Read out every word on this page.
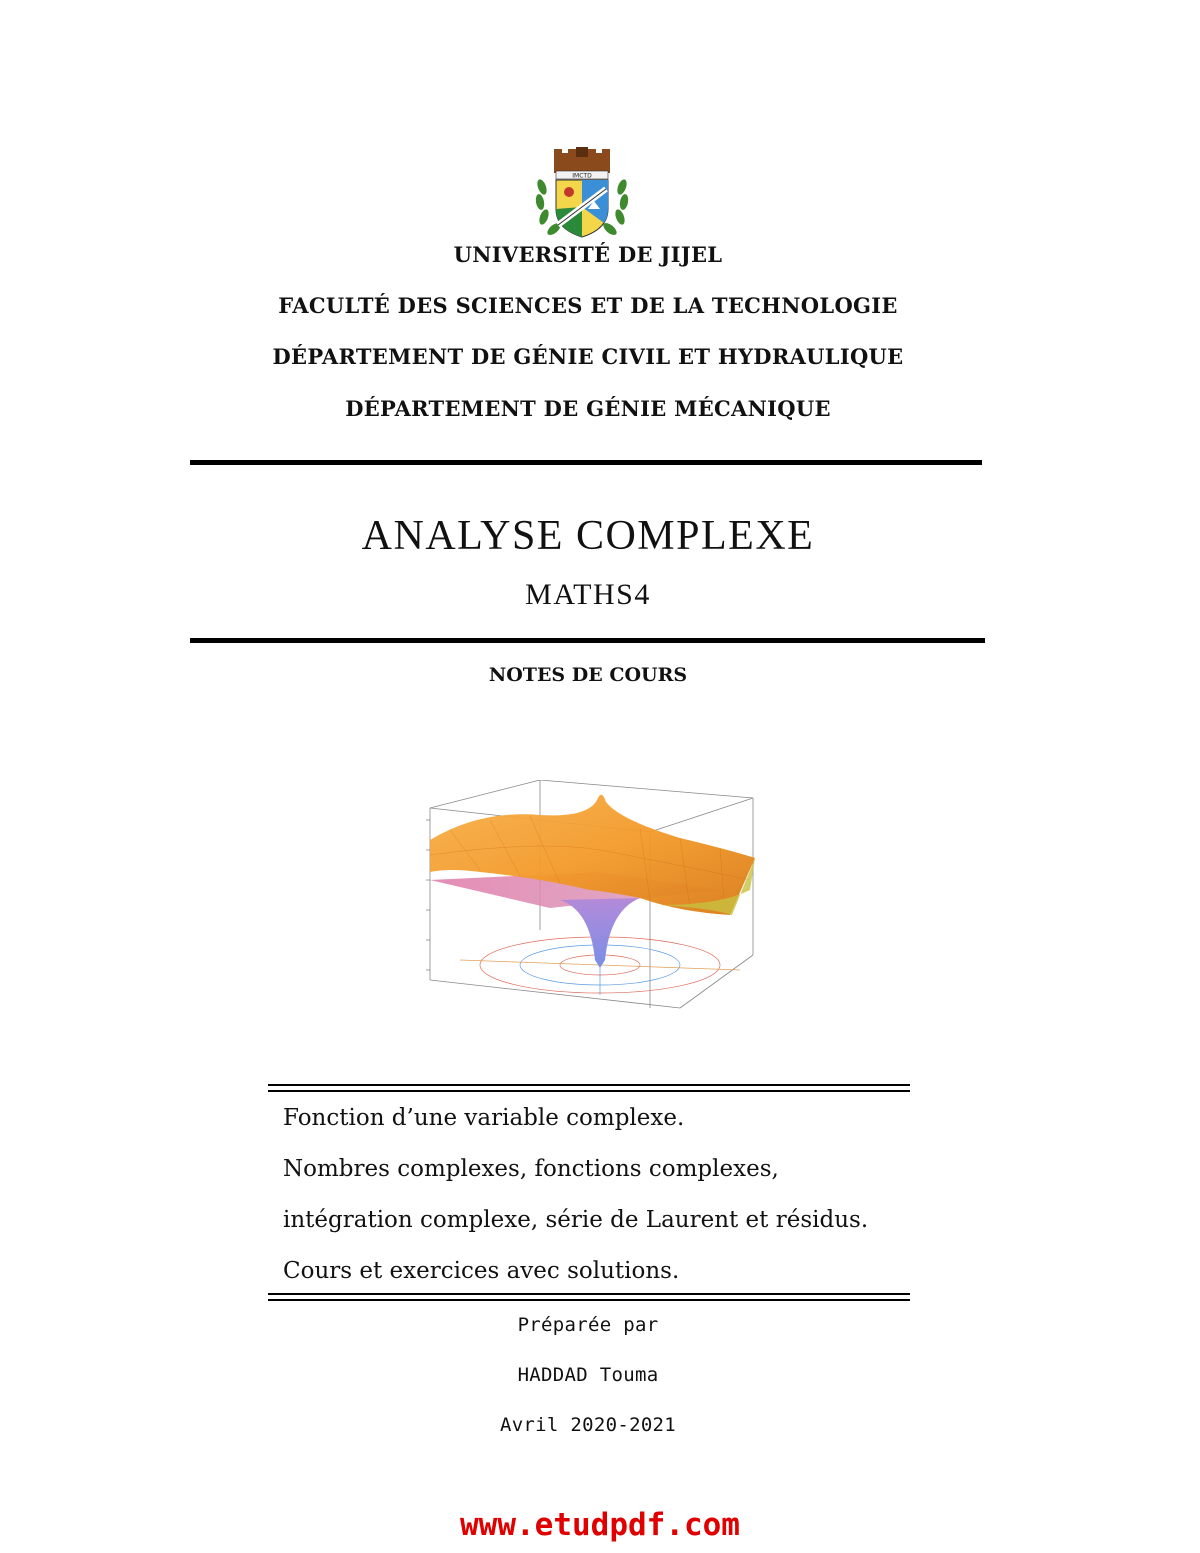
IMCTD
UNIVERSITÉ DE JIJEL
FACULTÉ DES SCIENCES ET DE LA TECHNOLOGIE
DÉPARTEMENT DE GÉNIE CIVIL ET HYDRAULIQUE
DÉPARTEMENT DE GÉNIE MÉCANIQUE
ANALYSE COMPLEXE
MATHS4
NOTES DE COURS
Fonction d’une variable complexe.
Nombres complexes, fonctions complexes,
intégration complexe, série de Laurent et résidus.
Cours et exercices avec solutions.
Préparée par
HADDAD Touma
Avril 2020-2021
www.etudpdf.com
